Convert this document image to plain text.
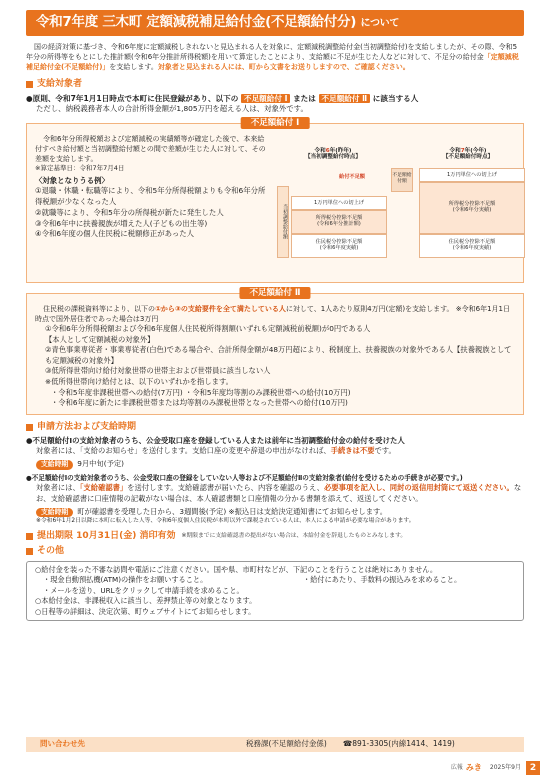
令和7年度 三木町 定額減税補足給付金(不足額給付分) について
国の経済対策に基づき、令和6年度に定額減税しきれないと見込まれる人を対象に、定額減税調整給付金(当初調整給付)を支給しましたが、その際、令和5年分の所得等をもとにした推計額(令和6年分推計所得税額)を用いて算定したことにより、支給額に不足が生じた人などに対して、不足分の給付金「定額減税補足給付金(不足額給付)」を支給します。対象者と見込まれる人には、町から文書をお送りしますので、ご確認ください。
支給対象者
●原則、令和7年1月1日時点で本町に住民登録があり、以下の 不足額給付 Ⅰ または 不足額給付 Ⅱ に該当する人
ただし、納税義務者本人の合計所得金額が1,805万円を超える人は、対象外です。
不足額給付 Ⅰ
令和6年分所得税額および定額減税の実績額等が確定した後で、本来給付すべき給付額と当初調整給付額との間で差額が生じた人に対して、その差額を支給します。
※算定基準日：令和7年7月4日
〈対象となりうる例〉
①退職・休職・転職等により、令和5年分所得税額よりも令和6年分所得税額が少なくなった人
②就職等により、令和5年分の所得税が新たに発生した人
③令和6年中に扶養親族が増えた人(子どもの出生等)
④令和6年度の個人住民税に税額修正があった人
令和6年(昨年)
【当初調整給付時点】
令和7年(今年)
【不足額給付時点】
当初調整給付額
1万円単位への切上げ
所得税分控除不足額
(令和6年分推計額)
住民税分控除不足額
(令和6年度実績)
給付不足額	不足額給付額
1万円単位への切上げ
所得税分控除不足額
(令和6年分実績)
住民税分控除不足額
(令和6年度実績)
不足額給付 Ⅱ
住民税の課税資料等により、以下の①から③の支給要件を全て満たしている人に対して、1人あたり原則4万円(定額)を支給します。 ※令和6年1月1日時点で国外居住者であった場合は3万円
①令和6年分所得税額および令和6年度個人住民税所得割額(いずれも定額減税前税額)が0円である人
【本人として定額減税の対象外】
②青色事業専従者・事業専従者(白色)である場合や、合計所得金額が48万円超により、税制度上、扶養親族の対象外である人【扶養親族としても定額減税の対象外】
③低所得世帯向け給付対象世帯の世帯主および世帯員に該当しない人
※低所得世帯向け給付とは、以下のいずれかを指します。
・令和5年度非課税世帯への給付(7万円) ・令和5年度均等割のみ課税世帯への給付(10万円)
・令和6年度に新たに非課税世帯または均等割のみ課税世帯となった世帯への給付(10万円)
申請方法および支給時期
●不足額給付Ⅰの支給対象者のうち、公金受取口座を登録している人または前年に当初調整給付金の給付を受けた人
対象者には、「支給のお知らせ」を送付します。支給口座の変更や辞退の申出がなければ、手続きは不要です。
支給時期 9月中旬(予定)
●不足額給付Ⅰの支給対象者のうち、公金受取口座の登録をしていない人等および不足額給付Ⅱの支給対象者(給付を受けるための手続きが必要です。)
対象者には、「支給確認書」を送付します。支給確認書が届いたら、内容を確認のうえ、必要事項を記入し、同封の返信用封筒にて返送ください。なお、支給確認書に口座情報の記載がない場合は、本人確認書類と口座情報の分かる書類を添えて、返送してください。
支給時期 町が確認書を受理した日から、3週間後(予定) ※振込日は支給決定通知書にてお知らせします。
※令和6年1月2日以降に本町に転入した人等、令和6年度個人住民税が本町以外で課税されている人は、本人による申請が必要な場合があります。
提出期限 10月31日(金) 消印有効 ※期限までに支給確認書の提出がない場合は、本給付金を辞退したものとみなします。
その他
○給付金を装った不審な訪問や電話にご注意ください。国や県、市町村などが、下記のことを行うことは絶対にありません。
・現金自動預払機(ATM)の操作をお願いすること。	・給付にあたり、手数料の振込みを求めること。
・メールを送り、URLをクリックして申請手続を求めること。
○本給付金は、非課税収入に該当し、差押禁止等の対象となります。
○日程等の詳細は、決定次第、町ウェブサイトにてお知らせします。
問い合わせ先	税務課(不足額給付金係) ☎891-3305(内線1414、1419)
広報 みき 2025年9月 2
